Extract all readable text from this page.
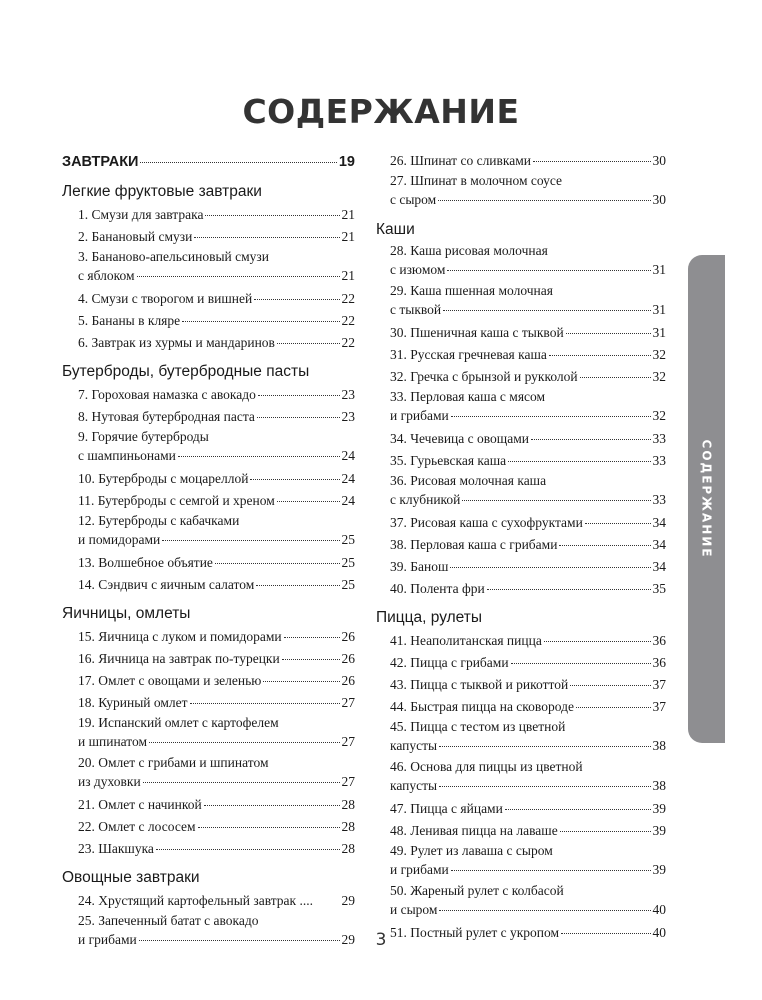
СОДЕРЖАНИЕ
ЗАВТРАКИ	19
Легкие фруктовые завтраки
1. Смузи для завтрака	21
2. Банановый смузи	21
3. Бананово-апельсиновый смузи
с яблоком	21
4. Смузи с творогом и вишней	22
5. Бананы в кляре	22
6. Завтрак из хурмы и мандаринов	22
Бутерброды, бутербродные пасты
7. Гороховая намазка с авокадо	23
8. Нутовая бутербродная паста	23
9. Горячие бутерброды
с шампиньонами	24
10. Бутерброды с моцареллой	24
11. Бутерброды с семгой и хреном	24
12. Бутерброды с кабачками
и помидорами	25
13. Волшебное объятие	25
14. Сэндвич с яичным салатом	25
Яичницы, омлеты
15. Яичница с луком и помидорами	26
16. Яичница на завтрак по-турецки	26
17. Омлет с овощами и зеленью	26
18. Куриный омлет	27
19. Испанский омлет с картофелем
и шпинатом	27
20. Омлет с грибами и шпинатом
из духовки	27
21. Омлет с начинкой	28
22. Омлет с лососем	28
23. Шакшука	28
Овощные завтраки
24. Хрустящий картофельный завтрак .... 29
25. Запеченный батат с авокадо
и грибами	29
26. Шпинат со сливками	30
27. Шпинат в молочном соусе
с сыром	30
Каши
28. Каша рисовая молочная
с изюмом	31
29. Каша пшенная молочная
с тыквой	31
30. Пшеничная каша с тыквой	31
31. Русская гречневая каша	32
32. Гречка с брынзой и рукколой	32
33. Перловая каша с мясом
и грибами	32
34. Чечевица с овощами	33
35. Гурьевская каша	33
36. Рисовая молочная каша
с клубникой	33
37. Рисовая каша с сухофруктами	34
38. Перловая каша с грибами	34
39. Банош	34
40. Полента фри	35
Пицца, рулеты
41. Неаполитанская пицца	36
42. Пицца с грибами	36
43. Пицца с тыквой и рикоттой	37
44. Быстрая пицца на сковороде	37
45. Пицца с тестом из цветной
капусты	38
46. Основа для пиццы из цветной
капусты	38
47. Пицца с яйцами	39
48. Ленивая пицца на лаваше	39
49. Рулет из лаваша с сыром
и грибами	39
50. Жареный рулет с колбасой
и сыром	40
51. Постный рулет с укропом	40
СОДЕРЖАНИЕ
3
